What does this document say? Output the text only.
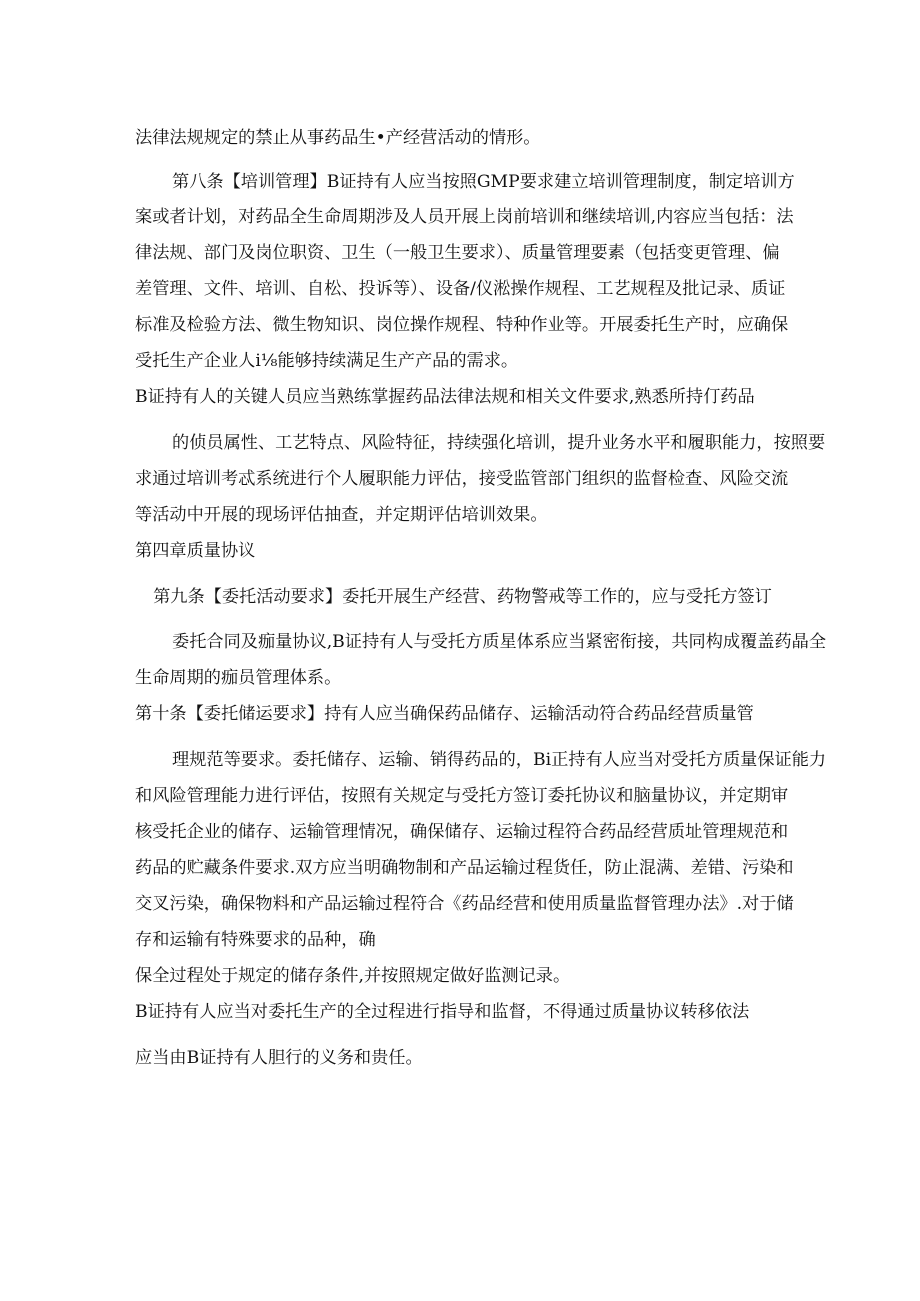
法律法规规定的禁止从事药品生•产经营活动的情形。
第八条【培训管理】B证持有人应当按照GMP要求建立培训管理制度，制定培训方
案或者计划，对药品全生命周期涉及人员开展上岗前培训和继续培训,内容应当包括：法
律法规、部门及岗位职资、卫生（一般卫生要求）、质量管理要素（包括变更管理、偏
差管理、文件、培训、自松、投诉等）、设备/仪淞操作规程、工艺规程及批记录、质证
标准及检验方法、微生物知识、岗位操作规程、特种作业等。开展委托生产时，应确保
受托生产企业人i⅛能够持续满足生产产品的需求。
B证持有人的关键人员应当熟练掌握药品法律法规和相关文件要求,熟悉所持仃药品
的侦员属性、工艺特点、风险特征，持续强化培训，提升业务水平和履职能力，按照要
求通过培训考忒系统进行个人履职能力评估，接受监管部门组织的监督检查、风险交流
等活动中开展的现场评估抽查，并定期评估培训效果。
第四章质量协议
第九条【委托活动要求】委托开展生产经营、药物警戒等工作的，应与受托方签订
委托合同及痂量协议,B证持有人与受托方质星体系应当紧密衔接，共同构成覆盖药晶全
生命周期的痂员管理体系。
第十条【委托储运要求】持有人应当确保药品储存、运输活动符合药品经营质量管
理规范等要求。委托储存、运输、销得药品的，Bi正持有人应当对受托方质量保证能力
和风险管理能力进行评估，按照有关规定与受托方签订委托协议和脑量协议，并定期审
核受托企业的储存、运输管理情况，确保储存、运输过程符合药品经营质址管理规范和
药品的贮藏条件要求.双方应当明确物制和产品运输过程货任，防止混满、差错、污染和
交叉污染，确保物料和产品运输过程符合《药品经营和使用质量监督管理办法》.对于储
存和运输有特殊要求的品种，确
保全过程处于规定的储存条件,并按照规定做好监测记录。
B证持有人应当对委托生产的全过程进行指导和监督，不得通过质量协议转移依法
应当由B证持有人胆行的义务和贵任。
